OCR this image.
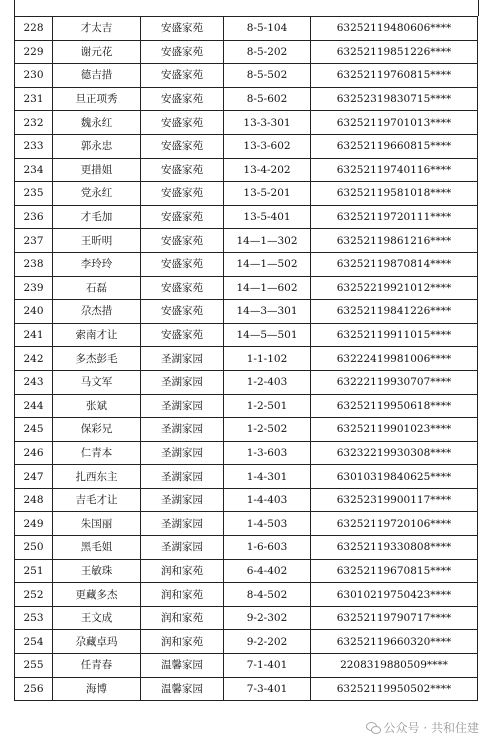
228	才太吉	安盛家苑	8-5-104	63252119480606****
229	谢元花	安盛家苑	8-5-202	63252119851226****
230	德吉措	安盛家苑	8-5-502	63252119760815****
231	旦正项秀	安盛家苑	8-5-602	63252319830715****
232	魏永红	安盛家苑	13-3-301	63252119701013****
233	郭永忠	安盛家苑	13-3-602	63252119660815****
234	更措姐	安盛家苑	13-4-202	63252119740116****
235	党永红	安盛家苑	13-5-201	63252119581018****
236	才毛加	安盛家苑	13-5-401	63252119720111****
237	王昕明	安盛家苑	14—1—302	63252119861216****
238	李玲玲	安盛家苑	14—1—502	63252119870814****
239	石磊	安盛家苑	14—1—602	63252219921012****
240	尕杰措	安盛家苑	14—3—301	63252119841226****
241	索南才让	安盛家苑	14—5—501	63252119911015****
242	多杰彭毛	圣湖家园	1-1-102	63222419981006****
243	马文军	圣湖家园	1-2-403	63222119930707****
244	张斌	圣湖家园	1-2-501	63252119950618****
245	保彩兄	圣湖家园	1-2-502	63252119901023****
246	仁青本	圣湖家园	1-3-603	63232219930308****
247	扎西东主	圣湖家园	1-4-301	63010319840625****
248	吉毛才让	圣湖家园	1-4-403	63252319900117****
249	朱国丽	圣湖家园	1-4-503	63252119720106****
250	黑毛姐	圣湖家园	1-6-603	63252119330808****
251	王敏珠	润和家苑	6-4-402	63252119670815****
252	更藏多杰	润和家苑	8-4-502	63010219750423****
253	王文成	润和家苑	9-2-302	63252119790717****
254	尕藏卓玛	润和家苑	9-2-202	63252119660320****
255	任青春	温馨家园	7-1-401	2208319880509****
256	海博	温馨家园	7-3-401	63252119950502****
公众号 · 共和住建
